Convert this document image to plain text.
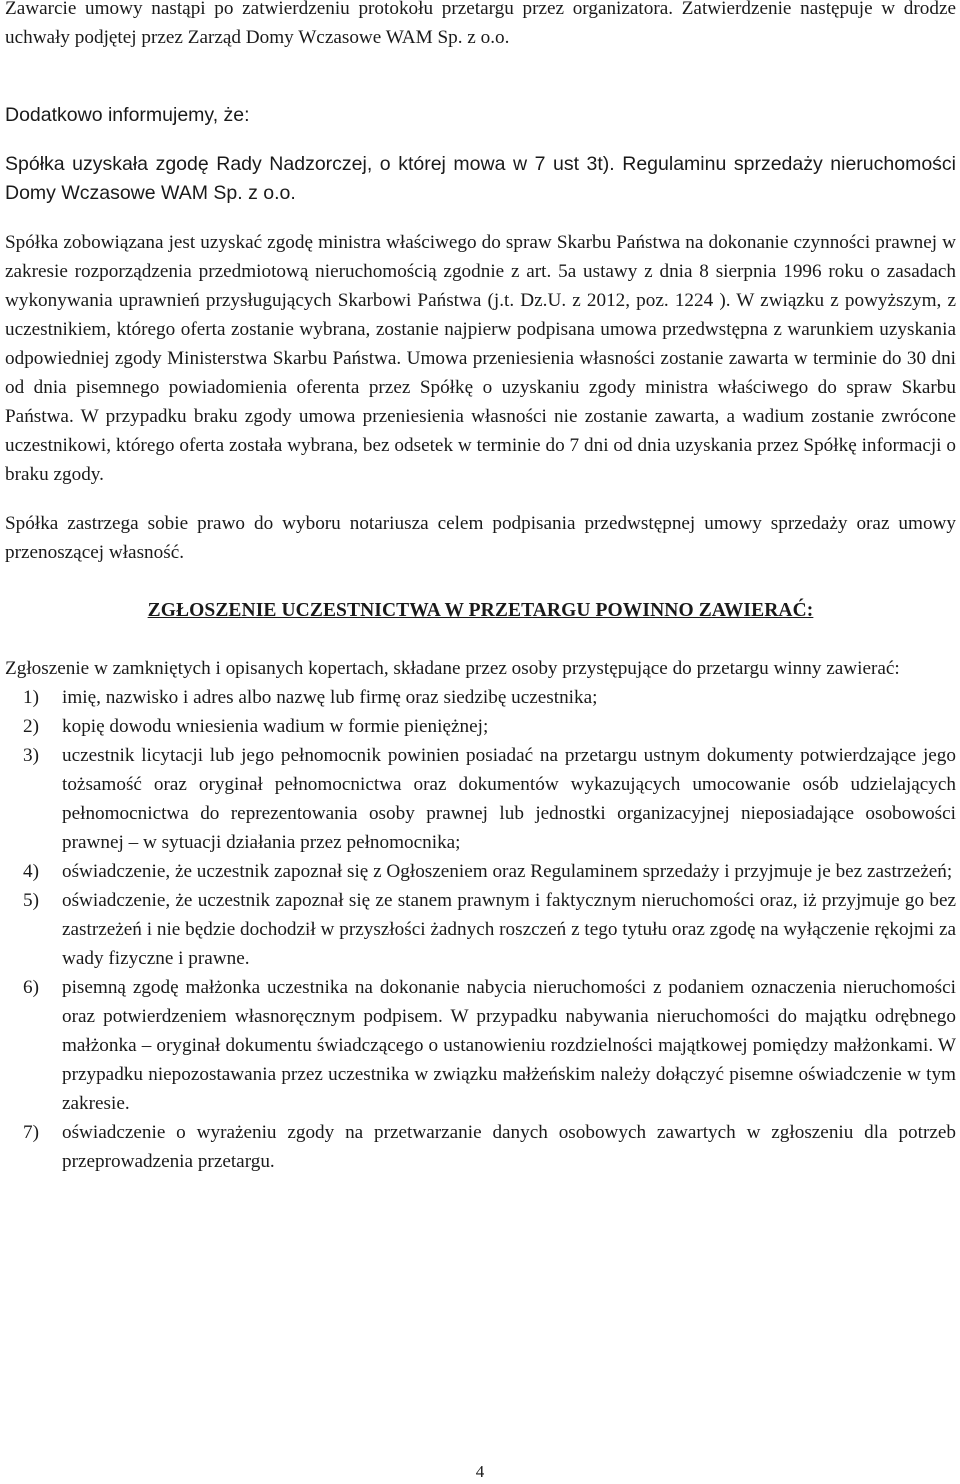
Zawarcie umowy nastąpi po zatwierdzeniu protokołu przetargu przez organizatora. Zatwierdzenie następuje w drodze uchwały podjętej przez Zarząd Domy Wczasowe WAM Sp. z o.o.

Dodatkowo informujemy, że:

Spółka uzyskała zgodę Rady Nadzorczej, o której mowa w 7 ust 3t). Regulaminu sprzedaży nieruchomości Domy Wczasowe WAM Sp. z o.o.

Spółka zobowiązana jest uzyskać zgodę ministra właściwego do spraw Skarbu Państwa na dokonanie czynności prawnej w zakresie rozporządzenia przedmiotową nieruchomością zgodnie z art. 5a ustawy z dnia 8 sierpnia 1996 roku o zasadach wykonywania uprawnień przysługujących Skarbowi Państwa (j.t. Dz.U. z 2012, poz. 1224 ). W związku z powyższym, z uczestnikiem, którego oferta zostanie wybrana, zostanie najpierw podpisana umowa przedwstępna z warunkiem uzyskania odpowiedniej zgody Ministerstwa Skarbu Państwa. Umowa przeniesienia własności zostanie zawarta w terminie do 30 dni od dnia pisemnego powiadomienia oferenta przez Spółkę o uzyskaniu zgody ministra właściwego do spraw Skarbu Państwa. W przypadku braku zgody umowa przeniesienia własności nie zostanie zawarta, a wadium zostanie zwrócone uczestnikowi, którego oferta została wybrana, bez odsetek w terminie do 7 dni od dnia uzyskania przez Spółkę informacji o braku zgody.

Spółka zastrzega sobie prawo do wyboru notariusza celem podpisania przedwstępnej umowy sprzedaży oraz umowy przenoszącej własność.

ZGŁOSZENIE UCZESTNICTWA W PRZETARGU POWINNO ZAWIERAĆ:

Zgłoszenie w zamkniętych i opisanych kopertach, składane przez osoby przystępujące do przetargu winny zawierać:

1)	imię, nazwisko i adres albo nazwę lub firmę oraz siedzibę uczestnika;
2)	kopię dowodu wniesienia wadium w formie pieniężnej;
3)	uczestnik licytacji lub jego pełnomocnik powinien posiadać na przetargu ustnym dokumenty potwierdzające jego tożsamość oraz oryginał pełnomocnictwa oraz dokumentów wykazujących umocowanie osób udzielających pełnomocnictwa do reprezentowania osoby prawnej lub jednostki organizacyjnej nieposiadające osobowości prawnej – w sytuacji działania przez pełnomocnika;
4)	oświadczenie, że uczestnik zapoznał się z Ogłoszeniem oraz Regulaminem sprzedaży i przyjmuje je bez zastrzeżeń;
5)	oświadczenie, że uczestnik zapoznał się ze stanem prawnym i faktycznym nieruchomości oraz, iż przyjmuje go bez zastrzeżeń i nie będzie dochodził w przyszłości żadnych roszczeń z tego tytułu oraz zgodę na wyłączenie rękojmi za wady fizyczne i prawne.
6)	pisemną zgodę małżonka uczestnika na dokonanie nabycia nieruchomości z podaniem oznaczenia nieruchomości oraz potwierdzeniem własnoręcznym podpisem. W przypadku nabywania nieruchomości do majątku odrębnego małżonka – oryginał dokumentu świadczącego o ustanowieniu rozdzielności majątkowej pomiędzy małżonkami. W przypadku niepozostawania przez uczestnika w związku małżeńskim należy dołączyć pisemne oświadczenie w tym zakresie.
7)	oświadczenie o wyrażeniu zgody na przetwarzanie danych osobowych zawartych w zgłoszeniu dla potrzeb przeprowadzenia przetargu.
4
